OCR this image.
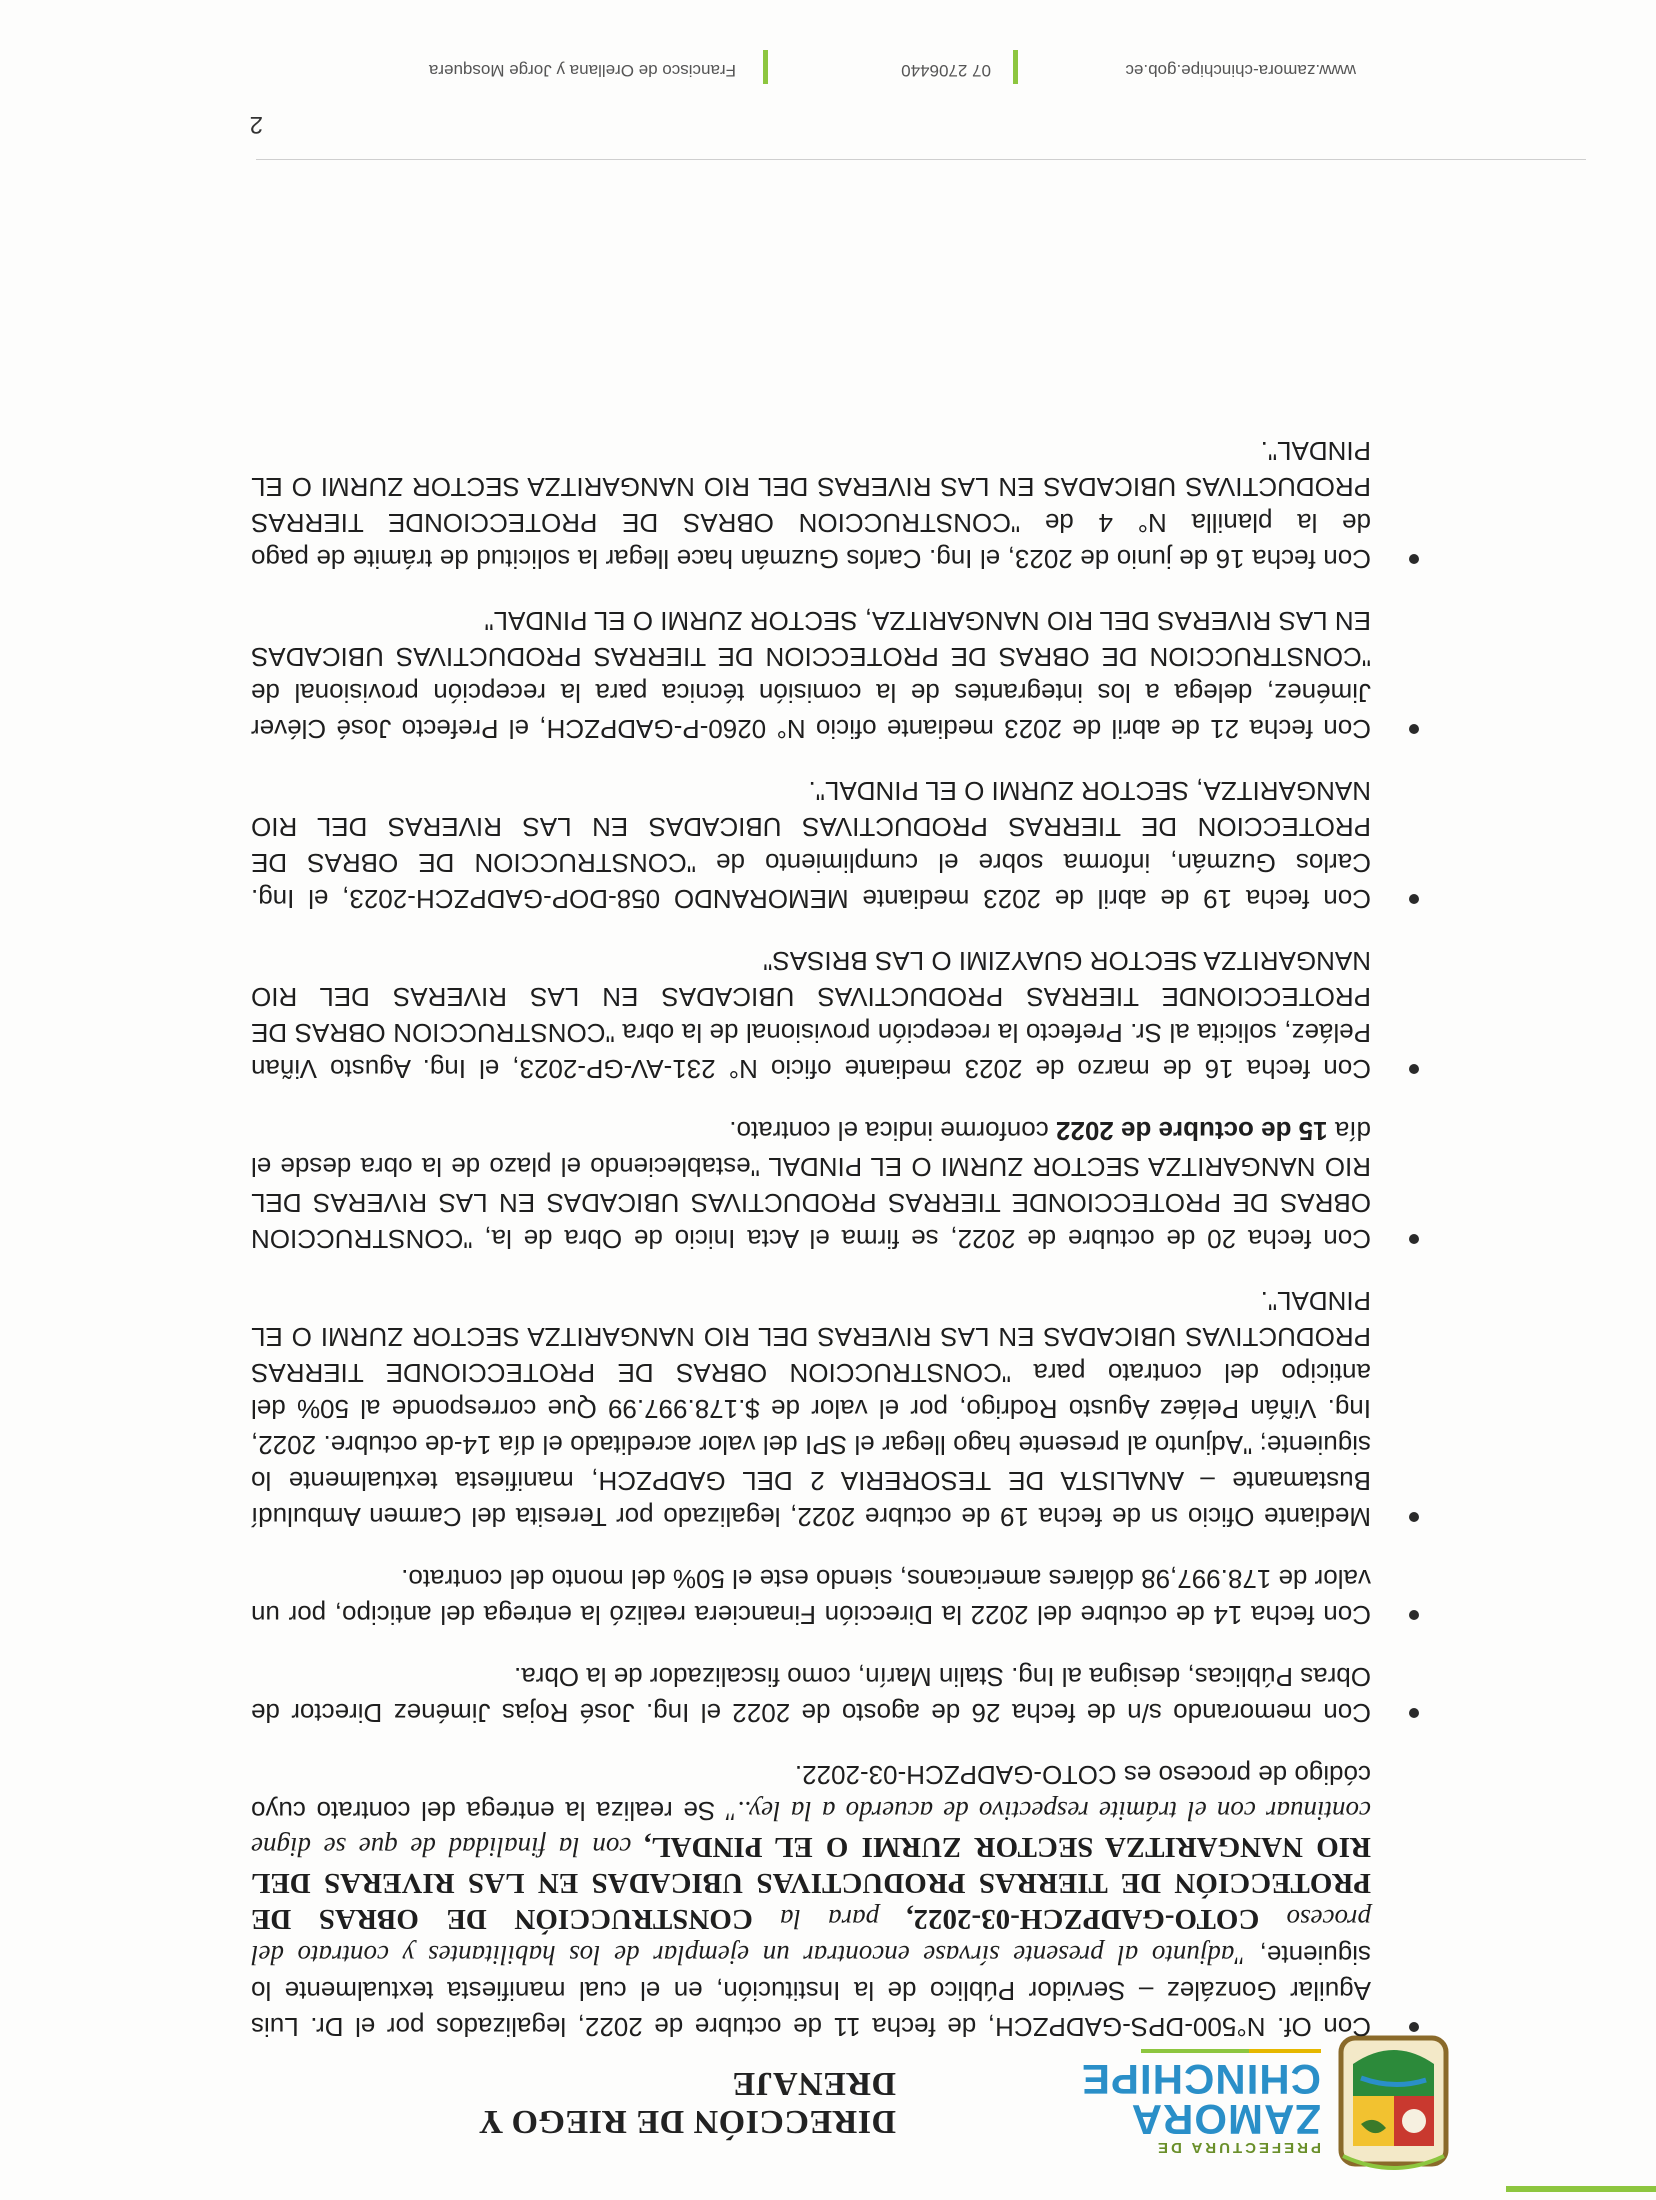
PREFECTURA DE
ZAMORA
CHINCHIPE
DIRECCIÓN DE RIEGO Y DRENAJE
Con Of. N°500-DPS-GADPZCH, de fecha 11 de octubre de 2022, legalizados por el Dr. Luis Aguilar González – Servidor Público de la Institución, en el cual manifiesta textualmente lo siguiente, "adjunto al presente sírvase encontrar un ejemplar de los habilitantes y contrato del proceso COTO-GADPZCH-03-2022, para la CONSTRUCCIÓN DE OBRAS DE PROTECCIÓN DE TIERRAS PRODUCTIVAS UBICADAS EN LAS RIVERAS DEL RIO NANGARITZA SECTOR ZURMI O EL PINDAL, con la finalidad de que se digne continuar con el trámite respectivo de acuerdo a la ley.." Se realiza la entrega del contrato cuyo código de proceso es COTO-GADPZCH-03-2022.
Con memorando s/n de fecha 26 de agosto de 2022 el Ing. José Rojas Jiménez Director de Obras Públicas, designa al Ing. Stalin Marín, como fiscalizador de la Obra.
Con fecha 14 de octubre del 2022 la Dirección Financiera realizó la entrega del anticipo, por un valor de 178.997,98 dólares americanos, siendo este el 50% del monto del contrato.
Mediante Oficio sn de fecha 19 de octubre 2022, legalizado por Teresita del Carmen Ambuludí Bustamante – ANALISTA DE TESORERIA 2 DEL GADPZCH, manifiesta textualmente lo siguiente; "Adjunto al presente hago llegar el SPI del valor acreditado el día 14-de octubre. 2022, Ing. Viñán Peláez Agusto Rodrigo, por el valor de $.178.997.99 Que corresponde al 50% del anticipo del contrato para "CONSTRUCCION OBRAS DE PROTECCIONDE TIERRAS PRODUCTIVAS UBICADAS EN LAS RIVERAS DEL RIO NANGARITZA SECTOR ZURMI O EL PINDAL".
Con fecha 20 de octubre de 2022, se firma el Acta Inicio de Obra de la, "CONSTRUCCION OBRAS DE PROTECCIONDE TIERRAS PRODUCTIVAS UBICADAS EN LAS RIVERAS DEL RIO NANGARITZA SECTOR ZURMI O EL PINDAL "estableciendo el plazo de la obra desde el día 15 de octubre de 2022 conforme indica el contrato.
Con fecha 16 de marzo de 2023 mediante oficio N° 231-AV-GP-2023, el Ing. Agusto Viñan Peláez, solicita al Sr. Prefecto la recepción provisional de la obra "CONSTRUCCION OBRAS DE PROTECCIONDE TIERRAS PRODUCTIVAS UBICADAS EN LAS RIVERAS DEL RIO NANGARITZA SECTOR GUAYZIMI O LAS BRISAS"
Con fecha 19 de abril de 2023 mediante MEMORANDO 058-DOP-GADPZCH-2023, el Ing. Carlos Guzmán, informa sobre el cumplimiento de "CONSTRUCCION DE OBRAS DE PROTECCION DE TIERRAS PRODUCTIVAS UBICADAS EN LAS RIVERAS DEL RIO NANGARITZA, SECTOR ZURMI O EL PINDAL".
Con fecha 21 de abril de 2023 mediante oficio N° 0260-P-GADPZCH, el Prefecto José Cléver Jiménez, delega a los integrantes de la comisión técnica para la recepción provisional de "CONSTRUCCION DE OBRAS DE PROTECCION DE TIERRAS PRODUCTIVAS UBICADAS EN LAS RIVERAS DEL RIO NANGARITZA, SECTOR ZURMI O EL PINDAL"
Con fecha 16 de junio de 2023, el Ing. Carlos Guzmán hace llegar la solicitud de trámite de pago de la planilla N° 4 de "CONSTRUCCION OBRAS DE PROTECCIONDE TIERRAS PRODUCTIVAS UBICADAS EN LAS RIVERAS DEL RIO NANGARITZA SECTOR ZURMI O EL PINDAL".
2
Francisco de Orellana y Jorge Mosquera	07 2706440	www.zamora-chinchipe.gob.ec
